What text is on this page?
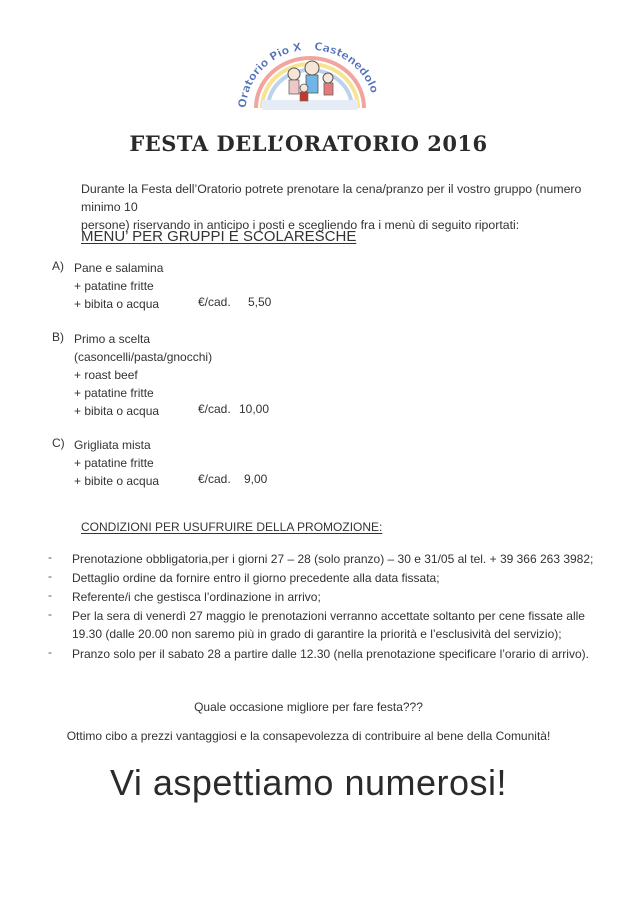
Oratorio Pio X Castenedolo
FESTA DELL’ORATORIO 2016
Durante la Festa dell’Oratorio potrete prenotare la cena/pranzo per il vostro gruppo (numero minimo 10
persone) riservando in anticipo i posti e scegliendo fra i menù di seguito riportati:
MENU’ PER GRUPPI E SCOLARESCHE
A) Pane e salamina
+ patatine fritte
+ bibita o acqua	€/cad. 5,50
B) Primo a scelta
(casoncelli/pasta/gnocchi)
+ roast beef
+ patatine fritte
+ bibita o acqua	€/cad. 10,00
C) Grigliata mista
+ patatine fritte
+ bibite o acqua	€/cad. 9,00
CONDIZIONI PER USUFRUIRE DELLA PROMOZIONE:
- Prenotazione obbligatoria,per i giorni 27 – 28 (solo pranzo) – 30 e 31/05 al tel. + 39 366 263 3982;
- Dettaglio ordine da fornire entro il giorno precedente alla data fissata;
- Referente/i che gestisca l’ordinazione in arrivo;
- Per la sera di venerdì 27 maggio le prenotazioni verranno accettate soltanto per cene fissate alle
19.30 (dalle 20.00 non saremo più in grado di garantire la priorità e l’esclusività del servizio);
- Pranzo solo per il sabato 28 a partire dalle 12.30 (nella prenotazione specificare l’orario di arrivo).
Quale occasione migliore per fare festa???
Ottimo cibo a prezzi vantaggiosi e la consapevolezza di contribuire al bene della Comunità!
Vi aspettiamo numerosi!
